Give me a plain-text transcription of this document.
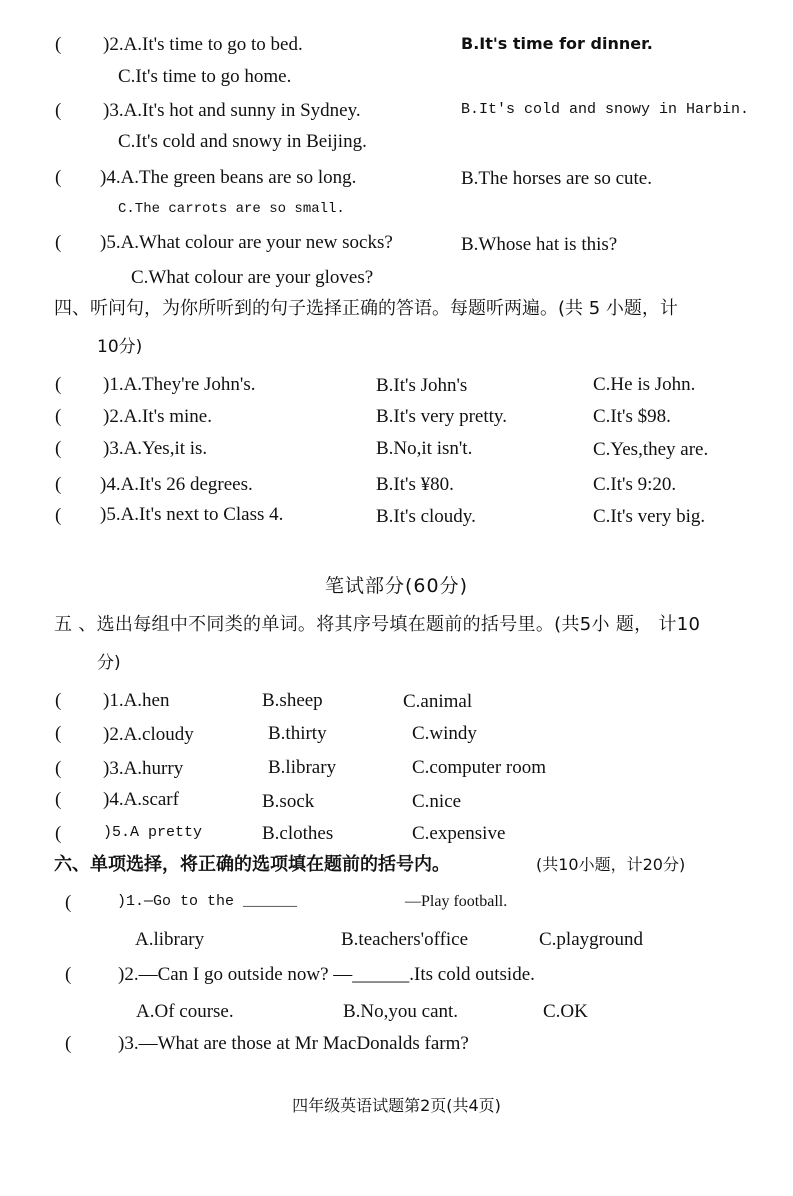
( )2.A.It's time to go to bed.	B.It's time for dinner.
C.It's time to go home.
( )3.A.It's hot and sunny in Sydney.	B.It's cold and snowy in Harbin.
C.It's cold and snowy in Beijing.
( )4.A.The green beans are so long.	B.The horses are so cute.
C.The carrots are so small.
( )5.A.What colour are your new socks?	B.Whose hat is this?
C.What colour are your gloves?
四、听问句，为你所听到的句子选择正确的答语。每题听两遍。(共 5 小题，计
10分)
( )1.A.They're John's.	B.It's John's	C.He is John.
( )2.A.It's mine.	B.It's very pretty.	C.It's $98.
( )3.A.Yes,it is.	B.No,it isn't.	C.Yes,they are.
( )4.A.It's 26 degrees.	B.It's ¥80.	C.It's 9:20.
( )5.A.It's next to Class 4.	B.It's cloudy.	C.It's very big.
笔试部分(60分)
五 、选出每组中不同类的单词。将其序号填在题前的括号里。(共5小 题， 计10
分)
( )1.A.hen	B.sheep	C.animal
( )2.A.cloudy	B.thirty	C.windy
( )3.A.hurry	B.library	C.computer room
( )4.A.scarf	B.sock	C.nice
(	)5.A pretty	B.clothes	C.expensive
六、单项选择，将正确的选项填在题前的括号内。	(共10小题，计20分)
(	)1.—Go to the ______	—Play football.
A.library	B.teachers'office	C.playground
( )2.—Can I go outside now? —______.Its cold outside.
A.Of course.	B.No,you cant.	C.OK
( )3.—What are those at Mr MacDonalds farm?
四年级英语试题第2页(共4页)
